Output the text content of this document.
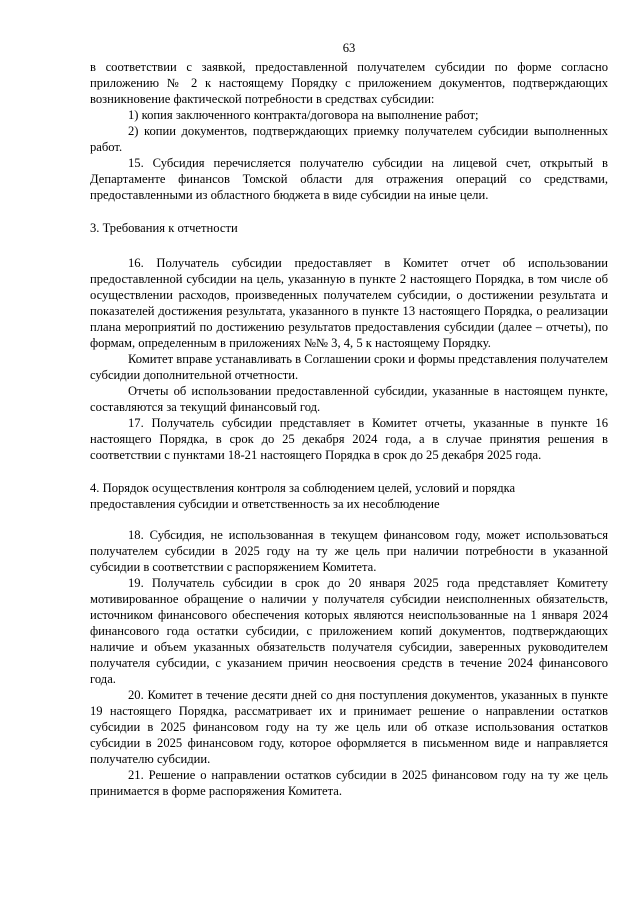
63

в соответствии с заявкой, предоставленной получателем субсидии по форме согласно приложению № 2 к настоящему Порядку с приложением документов, подтверждающих возникновение фактической потребности в средствах субсидии:

1) копия заключенного контракта/договора на выполнение работ;

2) копии документов, подтверждающих приемку получателем субсидии выполненных работ.

15. Субсидия перечисляется получателю субсидии на лицевой счет, открытый в Департаменте финансов Томской области для отражения операций со средствами, предоставленными из областного бюджета в виде субсидии на иные цели.

3. Требования к отчетности

16. Получатель субсидии предоставляет в Комитет отчет об использовании предоставленной субсидии на цель, указанную в пункте 2 настоящего Порядка, в том числе об осуществлении расходов, произведенных получателем субсидии, о достижении результата и показателей достижения результата, указанного в пункте 13 настоящего Порядка, о реализации плана мероприятий по достижению результатов предоставления субсидии (далее – отчеты), по формам, определенным в приложениях №№ 3, 4, 5 к настоящему Порядку.

Комитет вправе устанавливать в Соглашении сроки и формы представления получателем субсидии дополнительной отчетности.

Отчеты об использовании предоставленной субсидии, указанные в настоящем пункте, составляются за текущий финансовый год.

17. Получатель субсидии представляет в Комитет отчеты, указанные в пункте 16 настоящего Порядка, в срок до 25 декабря 2024 года, а в случае принятия решения в соответствии с пунктами 18-21 настоящего Порядка в срок до 25 декабря 2025 года.

4. Порядок осуществления контроля за соблюдением целей, условий и порядка

предоставления субсидии и ответственность за их несоблюдение

18. Субсидия, не использованная в текущем финансовом году, может использоваться получателем субсидии в 2025 году на ту же цель при наличии потребности в указанной субсидии в соответствии с распоряжением Комитета.

19. Получатель субсидии в срок до 20 января 2025 года представляет Комитету мотивированное обращение о наличии у получателя субсидии неисполненных обязательств, источником финансового обеспечения которых являются неиспользованные на 1 января 2024 финансового года остатки субсидии, с приложением копий документов, подтверждающих наличие и объем указанных обязательств получателя субсидии, заверенных руководителем получателя субсидии, с указанием причин неосвоения средств в течение 2024 финансового года.

20. Комитет в течение десяти дней со дня поступления документов, указанных в пункте 19 настоящего Порядка, рассматривает их и принимает решение о направлении остатков субсидии в 2025 финансовом году на ту же цель или об отказе использования остатков субсидии в 2025 финансовом году, которое оформляется в письменном виде и направляется получателю субсидии.

21. Решение о направлении остатков субсидии в 2025 финансовом году на ту же цель принимается в форме распоряжения Комитета.
